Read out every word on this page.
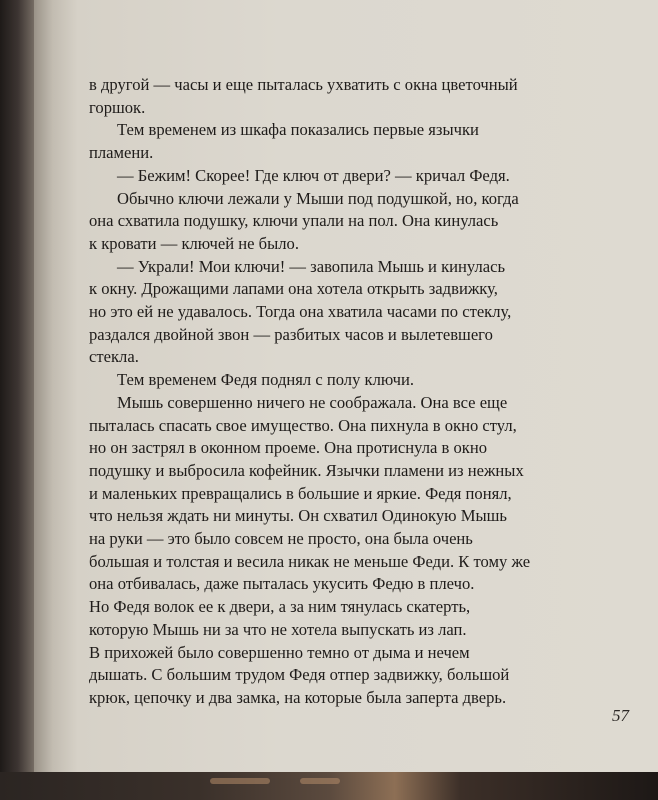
в другой — часы и еще пыталась ухватить с окна цветочный
горшок.
Тем временем из шкафа показались первые язычки
пламени.
— Бежим! Скорее! Где ключ от двери? — кричал Федя.
Обычно ключи лежали у Мыши под подушкой, но, когда
она схватила подушку, ключи упали на пол. Она кинулась
к кровати — ключей не было.
— Украли! Мои ключи! — завопила Мышь и кинулась
к окну. Дрожащими лапами она хотела открыть задвижку,
но это ей не удавалось. Тогда она хватила часами по стеклу,
раздался двойной звон — разбитых часов и вылетевшего
стекла.
Тем временем Федя поднял с полу ключи.
Мышь совершенно ничего не соображала. Она все еще
пыталась спасать свое имущество. Она пихнула в окно стул,
но он застрял в оконном проеме. Она протиснула в окно
подушку и выбросила кофейник. Язычки пламени из нежных
и маленьких превращались в большие и яркие. Федя понял,
что нельзя ждать ни минуты. Он схватил Одинокую Мышь
на руки — это было совсем не просто, она была очень
большая и толстая и весила никак не меньше Феди. К тому же
она отбивалась, даже пыталась укусить Федю в плечо.
Но Федя волок ее к двери, а за ним тянулась скатерть,
которую Мышь ни за что не хотела выпускать из лап.
В прихожей было совершенно темно от дыма и нечем
дышать. С большим трудом Федя отпер задвижку, большой
крюк, цепочку и два замка, на которые была заперта дверь.
57
